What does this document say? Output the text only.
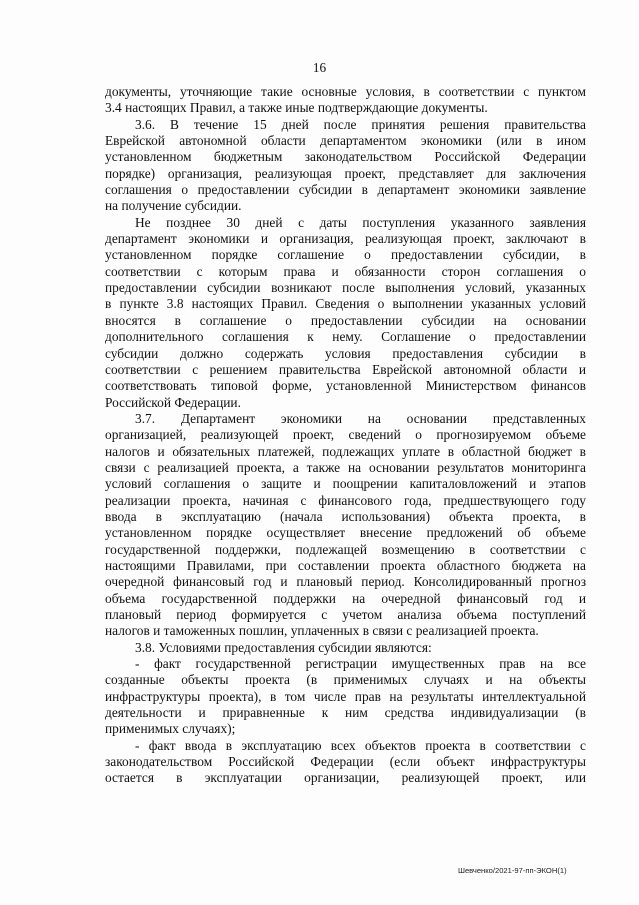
16
документы, уточняющие такие основные условия, в соответствии с пунктом
3.4 настоящих Правил, а также иные подтверждающие документы.
3.6. В течение 15 дней после принятия решения правительства
Еврейской автономной области департаментом экономики (или в ином
установленном бюджетным законодательством Российской Федерации
порядке) организация, реализующая проект, представляет для заключения
соглашения о предоставлении субсидии в департамент экономики заявление
на получение субсидии.
Не позднее 30 дней с даты поступления указанного заявления
департамент экономики и организация, реализующая проект, заключают в
установленном порядке соглашение о предоставлении субсидии, в
соответствии с которым права и обязанности сторон соглашения о
предоставлении субсидии возникают после выполнения условий, указанных
в пункте 3.8 настоящих Правил. Сведения о выполнении указанных условий
вносятся в соглашение о предоставлении субсидии на основании
дополнительного соглашения к нему. Соглашение о предоставлении
субсидии должно содержать условия предоставления субсидии в
соответствии с решением правительства Еврейской автономной области и
соответствовать типовой форме, установленной Министерством финансов
Российской Федерации.
3.7. Департамент экономики на основании представленных
организацией, реализующей проект, сведений о прогнозируемом объеме
налогов и обязательных платежей, подлежащих уплате в областной бюджет в
связи с реализацией проекта, а также на основании результатов мониторинга
условий соглашения о защите и поощрении капиталовложений и этапов
реализации проекта, начиная с финансового года, предшествующего году
ввода в эксплуатацию (начала использования) объекта проекта, в
установленном порядке осуществляет внесение предложений об объеме
государственной поддержки, подлежащей возмещению в соответствии с
настоящими Правилами, при составлении проекта областного бюджета на
очередной финансовый год и плановый период. Консолидированный прогноз
объема государственной поддержки на очередной финансовый год и
плановый период формируется с учетом анализа объема поступлений
налогов и таможенных пошлин, уплаченных в связи с реализацией проекта.
3.8. Условиями предоставления субсидии являются:
- факт государственной регистрации имущественных прав на все
созданные объекты проекта (в применимых случаях и на объекты
инфраструктуры проекта), в том числе прав на результаты интеллектуальной
деятельности и приравненные к ним средства индивидуализации (в
применимых случаях);
- факт ввода в эксплуатацию всех объектов проекта в соответствии с
законодательством Российской Федерации (если объект инфраструктуры
остается в эксплуатации организации, реализующей проект, или
Шевченко/2021-97-пп-ЭКОН(1)
